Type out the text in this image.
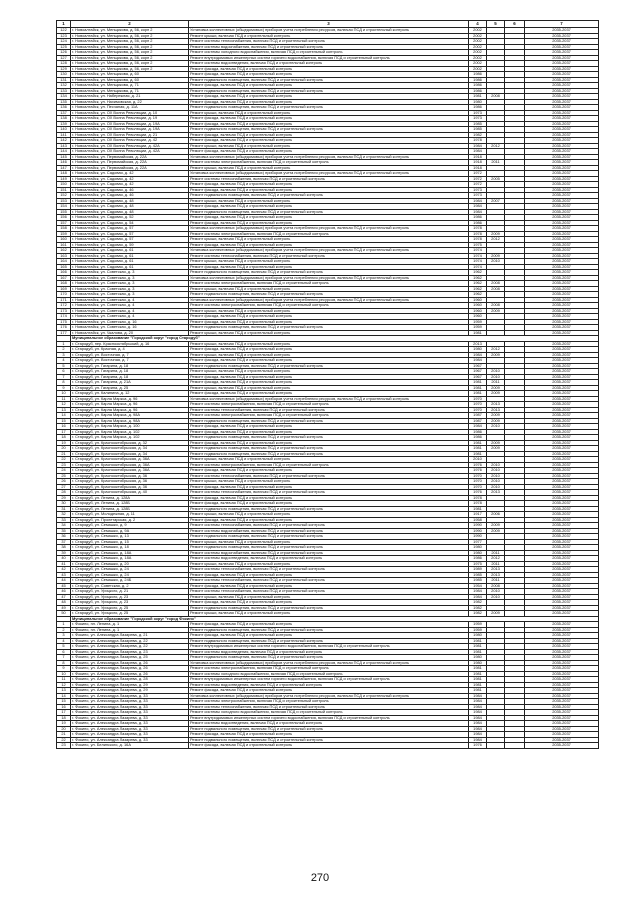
1	2	3	4	5	6	7
122	г. Новоалтайск, ул. Менщикова, д. 56, корп 2	Установка коллективных (общедомовых) приборов учета потребления ресурсов, включая ПСД и строительный контроль	2002			2035-2037
123	г. Новоалтайск, ул. Менщикова, д. 56, корп 2	Ремонт крыши, включая ПСД и строительный контроль	2002			2035-2037
124	г. Новоалтайск, ул. Менщикова, д. 56, корп 2	Ремонт системы теплоснабжения, включая ПСД и строительный контроль	2002			2035-2037
125	г. Новоалтайск, ул. Менщикова, д. 56, корп 2	Ремонт системы водоснабжения, включая ПСД и строительный контроль	2002			2035-2037
126	г. Новоалтайск, ул. Менщикова, д. 56, корп 2	Ремонт системы холодного водоснабжения, включая ПСД и строительный контроль	2002			2035-2037
127	г. Новоалтайск, ул. Менщикова, д. 56, корп 2	Ремонт внутридомовых инженерных систем горячего водоснабжения, включая ПСД и строительный контроль	2002			2035-2037
128	г. Новоалтайск, ул. Менщикова, д. 56, корп 2	Ремонт системы водоотведения, включая ПСД и строительный контроль	2002			2035-2037
129	г. Новоалтайск, ул. Менщикова, д. 56, корп 2	Ремонт фасада, включая ПСД и строительный контроль	2002			2035-2037
130	г. Новоалтайск, ул. Менщикова, д. 60	Ремонт фасада, включая ПСД и строительный контроль	1986			2035-2037
131	г. Новоалтайск, ул. Менщикова, д. 60	Ремонт подвального помещения, включая ПСД и строительный контроль	1986			2035-2037
132	г. Новоалтайск, ул. Менщикова, д. 71	Ремонт фасада, включая ПСД и строительный контроль	1986			2035-2037
133	г. Новоалтайск, ул. Менщикова, д. 71	Ремонт подвального помещения, включая ПСД и строительный контроль	1986			2035-2037
134	г. Новоалтайск, ул. Набережная, д. 21	Ремонт фасада, включая ПСД и строительный контроль	1981	2008		2035-2037
135	г. Новоалтайск, ул. Нахимовская, д. 22	Ремонт фасада, включая ПСД и строительный контроль	1980			2035-2037
136	г. Новоалтайск, ул. Песчаная, д. 11А	Ремонт подвального помещения, включая ПСД и строительный контроль	1986			2035-2037
137	г. Новоалтайск, ул. ОХ Волна Революции, д. 10	Ремонт крыши, включая ПСД и строительный контроль	1973			2035-2037
138	г. Новоалтайск, ул. ОХ Волна Революции, д. 19	Ремонт фасада, включая ПСД и строительный контроль	1973			2035-2037
139	г. Новоалтайск, ул. ОХ Волна Революции, д. 19А	Ремонт фасада, включая ПСД и строительный контроль	1985			2035-2037
140	г. Новоалтайск, ул. ОХ Волна Революции, д. 19А	Ремонт подвального помещения, включая ПСД и строительный контроль	1985			2035-2037
141	г. Новоалтайск, ул. ОХ Волна Революции, д. 21	Ремонт фасада, включая ПСД и строительный контроль	1982			2035-2037
142	г. Новоалтайск, ул. ОХ Волна Революции, д. 42	Ремонт фасада, включая ПСД и строительный контроль	1978			2035-2037
143	г. Новоалтайск, ул. ОХ Волна Революции, д. 42А	Ремонт крыши, включая ПСД и строительный контроль	1984	2012		2035-2037
144	г. Новоалтайск, ул. ОХ Волна Революции, д. 42А	Ремонт фасада, включая ПСД и строительный контроль	1984			2035-2037
145	г. Новоалтайск, ул. Первомайская, д. 22А	Установка коллективных (общедомовых) приборов учета потребления ресурсов, включая ПСД и строительный контроль	1918			2035-2037
146	г. Новоалтайск, ул. Первомайская, д. 22А	Ремонт системы электроснабжения, включая ПСД и строительный контроль	1918	2011		2035-2037
147	г. Новоалтайск, ул. Первомайская, д. 22А	Ремонт крыши, включая ПСД и строительный контроль	1918			2035-2037
148	г. Новоалтайск, ул. Садовая, д. 42	Установка коллективных (общедомовых) приборов учета потребления ресурсов, включая ПСД и строительный контроль	1972			2035-2037
149	г. Новоалтайск, ул. Садовая, д. 42	Ремонт системы теплоснабжения, включая ПСД и строительный контроль	1972	2005		2035-2037
150	г. Новоалтайск, ул. Садовая, д. 42	Ремонт фасада, включая ПСД и строительный контроль	1972			2035-2037
151	г. Новоалтайск, ул. Садовая, д. 46	Ремонт фасада, включая ПСД и строительный контроль	1973			2035-2037
152	г. Новоалтайск, ул. Садовая, д. 46	Ремонт подвального помещения, включая ПСД и строительный контроль	1973			2035-2037
153	г. Новоалтайск, ул. Садовая, д. 48	Ремонт крыши, включая ПСД и строительный контроль	1984	2007		2035-2037
154	г. Новоалтайск, ул. Садовая, д. 48	Ремонт фасада, включая ПСД и строительный контроль	1984			2035-2037
155	г. Новоалтайск, ул. Садовая, д. 48	Ремонт подвального помещения, включая ПСД и строительный контроль	1984			2035-2037
156	г. Новоалтайск, ул. Садовая, д. 52	Ремонт фасада, включая ПСД и строительный контроль	1986			2035-2037
157	г. Новоалтайск, ул. Садовая, д. 54	Ремонт фасада, включая ПСД и строительный контроль	1986			2035-2037
158	г. Новоалтайск, ул. Садовая, д. 57	Установка коллективных (общедомовых) приборов учета потребления ресурсов, включая ПСД и строительный контроль	1978			2035-2037
159	г. Новоалтайск, ул. Садовая, д. 57	Ремонт системы электроснабжения, включая ПСД и строительный контроль	1978	2009		2035-2037
160	г. Новоалтайск, ул. Садовая, д. 57	Ремонт крыши, включая ПСД и строительный контроль	1978	2012		2035-2037
161	г. Новоалтайск, ул. Садовая, д. 59	Ремонт фасада, включая ПСД и строительный контроль	1975			2035-2037
162	г. Новоалтайск, ул. Садовая, д. 61	Установка коллективных (общедомовых) приборов учета потребления ресурсов, включая ПСД и строительный контроль	1974			2035-2037
163	г. Новоалтайск, ул. Садовая, д. 61	Ремонт системы теплоснабжения, включая ПСД и строительный контроль	1974	2009		2035-2037
164	г. Новоалтайск, ул. Садовая, д. 61	Ремонт крыши, включая ПСД и строительный контроль	1974	2010		2035-2037
165	г. Новоалтайск, ул. Садовая, д. 61	Ремонт фасада, включая ПСД и строительный контроль	1974			2035-2037
166	г. Новоалтайск, ул. Советская, д. 3	Ремонт подвального помещения, включая ПСД и строительный контроль	1962			2035-2037
167	г. Новоалтайск, ул. Советская, д. 3	Установка коллективных (общедомовых) приборов учета потребления ресурсов, включая ПСД и строительный контроль	1962			2035-2037
168	г. Новоалтайск, ул. Советская, д. 3	Ремонт системы электроснабжения, включая ПСД и строительный контроль	1962	2008		2035-2037
169	г. Новоалтайск, ул. Советская, д. 3	Ремонт крыши, включая ПСД и строительный контроль	1962	2008		2035-2037
170	г. Новоалтайск, ул. Советская, д. 3	Ремонт подвального помещения, включая ПСД и строительный контроль	1962			2035-2037
171	г. Новоалтайск, ул. Советская, д. 4	Установка коллективных (общедомовых) приборов учета потребления ресурсов, включая ПСД и строительный контроль	1960			2035-2037
172	г. Новоалтайск, ул. Советская, д. 4	Ремонт системы электроснабжения, включая ПСД и строительный контроль	1960	2008		2035-2037
173	г. Новоалтайск, ул. Советская, д. 4	Ремонт крыши, включая ПСД и строительный контроль	1960	2009		2035-2037
174	г. Новоалтайск, ул. Советская, д. 4	Ремонт фасада, включая ПСД и строительный контроль	1960			2035-2037
175	г. Новоалтайск, ул. Советская, д. 16	Ремонт фасада, включая ПСД и строительный контроль	1959			2035-2037
176	г. Новоалтайск, ул. Советская, д. 16	Ремонт подвального помещения, включая ПСД и строительный контроль	1959			2035-2037
177	г. Новоалтайск, ул. Чкалова, д. 20	Ремонт крыши, включая ПСД и строительный контроль	1981			2035-2037
	Муниципальное образование "Городской округ "город Стародуб"					
1	г. Стародуб, пер. Краснооктябрьский, д. 16	Ремонт крыши, включая ПСД и строительный контроль	2013			2035-2037
2	г. Стародуб, ул. Красная, д. 4	Ремонт фасада, включая ПСД и строительный контроль	1980	2012		2035-2037
3	г. Стародуб, ул. Восточная, д. 7	Ремонт крыши, включая ПСД и строительный контроль	1984	2009		2035-2037
4	г. Стародуб, ул. Восточная, д. 7	Ремонт фасада, включая ПСД и строительный контроль	1984			2035-2037
5	г. Стародуб, ул. Гагарина, д. 18	Ремонт подвального помещения, включая ПСД и строительный контроль	1967			2035-2037
6	г. Стародуб, ул. Гагарина, д. 18	Ремонт крыши, включая ПСД и строительный контроль	1967	2010		2035-2037
7	г. Стародуб, ул. Гагарина, д. 18	Ремонт фасада, включая ПСД и строительный контроль	1967	2010		2035-2037
8	г. Стародуб, ул. Гагарина, д. 21А	Ремонт фасада, включая ПСД и строительный контроль	1981	2011		2035-2037
9	г. Стародуб, ул. Гагарина, д. 25	Ремонт крыши, включая ПСД и строительный контроль	1981	2009		2035-2037
10	г. Стародуб, ул. Калинина, д. 12	Ремонт фасада, включая ПСД и строительный контроль	1981	2009		2035-2037
11	г. Стародуб, ул. Карла Маркса, д. 96	Установка коллективных (общедомовых) приборов учета потребления ресурсов, включая ПСД и строительный контроль	1970			2035-2037
12	г. Стародуб, ул. Карла Маркса, д. 96	Ремонт системы электроснабжения, включая ПСД и строительный контроль	1970	2013		2035-2037
13	г. Стародуб, ул. Карла Маркса, д. 96	Ремонт системы теплоснабжения, включая ПСД и строительный контроль	1970	2013		2035-2037
14	г. Стародуб, ул. Карла Маркса, д. 98А	Ремонт системы электроснабжения, включая ПСД и строительный контроль	1987	2009		2035-2037
15	г. Стародуб, ул. Карла Маркса, д. 98А	Ремонт подвального помещения, включая ПСД и строительный контроль	1987	2009		2035-2037
16	г. Стародуб, ул. Карла Маркса, д. 100	Ремонт фасада, включая ПСД и строительный контроль	1984	2010		2035-2037
17	г. Стародуб, ул. Карла Маркса, д. 102	Ремонт фасада, включая ПСД и строительный контроль	1986			2035-2037
18	г. Стародуб, ул. Карла Маркса, д. 102	Ремонт подвального помещения, включая ПСД и строительный контроль	1986			2035-2037
19	г. Стародуб, ул. Краснооктябрьская, д. 32	Ремонт фасада, включая ПСД и строительный контроль	1981	2009		2035-2037
20	г. Стародуб, ул. Краснооктябрьская, д. 34	Ремонт подвального помещения, включая ПСД и строительный контроль	1981	2009		2035-2037
21	г. Стародуб, ул. Краснооктябрьская, д. 34	Ремонт подвального помещения, включая ПСД и строительный контроль	1981			2035-2037
22	г. Стародуб, ул. Краснооктябрьская, д. 36А	Ремонт крыши, включая ПСД и строительный контроль	2010			2035-2037
23	г. Стародуб, ул. Краснооктябрьская, д. 36А	Ремонт системы электроснабжения, включая ПСД и строительный контроль	1976	2010		2035-2037
24	г. Стародуб, ул. Краснооктябрьская, д. 36А	Ремонт фасада, включая ПСД и строительный контроль	1976	2010		2035-2037
25	г. Стародуб, ул. Краснооктябрьская, д. 36	Ремонт системы теплоснабжения, включая ПСД и строительный контроль	1970	2010		2035-2037
26	г. Стародуб, ул. Краснооктябрьская, д. 36	Ремонт крыши, включая ПСД и строительный контроль	1970	2010		2035-2037
27	г. Стародуб, ул. Краснооктябрьская, д. 36	Ремонт фасада, включая ПСД и строительный контроль	1970	2010		2035-2037
28	г. Стародуб, ул. Краснооктябрьская, д. 40	Ремонт системы теплоснабжения, включая ПСД и строительный контроль	1976	2013		2035-2037
29	г. Стародуб, ул. Ленина, д. 128А	Ремонт фасада, включая ПСД и строительный контроль	1978			2035-2037
30	г. Стародуб, ул. Ленина, д. 128Б	Ремонт фасада, включая ПСД и строительный контроль	1978			2035-2037
31	г. Стародуб, ул. Ленина, д. 128Б	Ремонт подвального помещения, включая ПСД и строительный контроль	1981			2035-2037
32	г. Стародуб, ул. Молодежная, д. 11	Ремонт крыши, включая ПСД и строительный контроль	1917	2006		2035-2037
33	г. Стародуб, ул. Пролетарская, д. 2	Ремонт фасада, включая ПСД и строительный контроль	1958			2035-2037
34	г. Стародуб, ул. Семашко, д. 9	Ремонт системы теплоснабжения, включая ПСД и строительный контроль	1990	2009		2035-2037
35	г. Стародуб, ул. Семашко, д. 9А	Ремонт системы водоснабжения, включая ПСД и строительный контроль	1990	2009		2035-2037
36	г. Стародуб, ул. Семашко, д. 13	Ремонт подвального помещения, включая ПСД и строительный контроль	1990			2035-2037
37	г. Стародуб, ул. Семашко, д. 15	Ремонт крыши, включая ПСД и строительный контроль	1977			2035-2037
38	г. Стародуб, ул. Семашко, д. 18	Ремонт подвального помещения, включая ПСД и строительный контроль	1980			2035-2037
39	г. Стародуб, ул. Семашко, д. 18А	Ремонт системы водоснабжения, включая ПСД и строительный контроль	1980	2011		2035-2037
40	г. Стародуб, ул. Семашко, д. 18А	Ремонт системы водоотведения, включая ПСД и строительный контроль	1986	2012		2035-2037
41	г. Стародуб, ул. Семашко, д. 20	Ремонт крыши, включая ПСД и строительный контроль	1975	2011		2035-2037
42	г. Стародуб, ул. Семашко, д. 24	Ремонт системы теплоснабжения, включая ПСД и строительный контроль	1989	2013		2035-2037
43	г. Стародуб, ул. Семашко, д. 24	Ремонт фасада, включая ПСД и строительный контроль	1985	2013		2035-2037
44	г. Стародуб, ул. Семашко, д. 24Б	Ремонт системы теплоснабжения, включая ПСД и строительный контроль	1985	2011		2035-2037
45	г. Стародуб, ул. Советская, д. 2	Ремонт фасада, включая ПСД и строительный контроль	1954	2008		2035-2037
46	г. Стародуб, ул. Урицкого, д. 21	Ремонт системы теплоснабжения, включая ПСД и строительный контроль	1984	2010		2035-2037
47	г. Стародуб, ул. Урицкого, д. 23	Ремонт крыши, включая ПСД и строительный контроль	1984	2010		2035-2037
48	г. Стародуб, ул. Урицкого, д. 23	Ремонт фасада, включая ПСД и строительный контроль	1982			2035-2037
49	г. Стародуб, ул. Урицкого, д. 25	Ремонт подвального помещения, включая ПСД и строительный контроль	1982			2035-2037
50	г. Стародуб, ул. Урицкого, д. 25	Ремонт крыши, включая ПСД и строительный контроль	1982	2009		2035-2037
	Муниципальное образование "Городской округ "город Фокино"					
1	г. Фокино, пл. Ленина, д. 1	Ремонт фасада, включая ПСД и строительный контроль	1959			2035-2037
2	г. Фокино, пл. Ленина, д. 1	Ремонт подвального помещения, включая ПСД и строительный контроль	1959			2035-2037
3	г. Фокино, ул. Александра Лазарева, д. 21	Ремонт фасада, включая ПСД и строительный контроль	1980			2035-2037
4	г. Фокино, ул. Александра Лазарева, д. 22	Ремонт подвального помещения, включая ПСД и строительный контроль	1981			2035-2037
5	г. Фокино, ул. Александра Лазарева, д. 22	Ремонт внутридомовых инженерных систем горячего водоснабжения, включая ПСД и строительный контроль	1981			2035-2037
6	г. Фокино, ул. Александра Лазарева, д. 23	Ремонт системы водоотведения, включая ПСД и строительный контроль	1981			2035-2037
7	г. Фокино, ул. Александра Лазарева, д. 25	Ремонт подвального помещения, включая ПСД и строительный контроль	1980			2035-2037
8	г. Фокино, ул. Александра Лазарева, д. 26	Установка коллективных (общедомовых) приборов учета потребления ресурсов, включая ПСД и строительный контроль	1980			2035-2037
9	г. Фокино, ул. Александра Лазарева, д. 26	Ремонт системы электроснабжения, включая ПСД и строительный контроль	1981			2035-2037
10	г. Фокино, ул. Александра Лазарева, д. 26	Ремонт системы холодного водоснабжения, включая ПСД и строительный контроль	1981			2035-2037
11	г. Фокино, ул. Александра Лазарева, д. 28	Ремонт внутридомовых инженерных систем горячего водоснабжения, включая ПСД и строительный контроль	1981			2035-2037
12	г. Фокино, ул. Александра Лазарева, д. 29	Ремонт системы водоотведения, включая ПСД и строительный контроль	1981			2035-2037
13	г. Фокино, ул. Александра Лазарева, д. 29	Ремонт фасада, включая ПСД и строительный контроль	1981			2035-2037
14	г. Фокино, ул. Александра Лазарева, д. 33	Установка коллективных (общедомовых) приборов учета потребления ресурсов, включая ПСД и строительный контроль	1984			2035-2037
15	г. Фокино, ул. Александра Лазарева, д. 33	Ремонт системы электроснабжения, включая ПСД и строительный контроль	1984			2035-2037
16	г. Фокино, ул. Александра Лазарева, д. 33	Ремонт системы теплоснабжения, включая ПСД и строительный контроль	1984			2035-2037
17	г. Фокино, ул. Александра Лазарева, д. 33	Ремонт системы холодного водоснабжения, включая ПСД и строительный контроль	1984			2035-2037
18	г. Фокино, ул. Александра Лазарева, д. 33	Ремонт внутридомовых инженерных систем горячего водоснабжения, включая ПСД и строительный контроль	1984			2035-2037
19	г. Фокино, ул. Александра Лазарева, д. 33	Ремонт системы водоотведения, включая ПСД и строительный контроль	1984			2035-2037
20	г. Фокино, ул. Александра Лазарева, д. 33	Ремонт подвального помещения, включая ПСД и строительный контроль	1984			2035-2037
21	г. Фокино, ул. Александра Лазарева, д. 33	Ремонт фасада, включая ПСД и строительный контроль	1984			2035-2037
22	г. Фокино, ул. Александра Лазарева, д. 33	Ремонт подвального помещения, включая ПСД и строительный контроль	1984			2035-2037
23	г. Фокино, ул. Белинского, д. 16А	Ремонт фасада, включая ПСД и строительный контроль	1976			2035-2037
270
